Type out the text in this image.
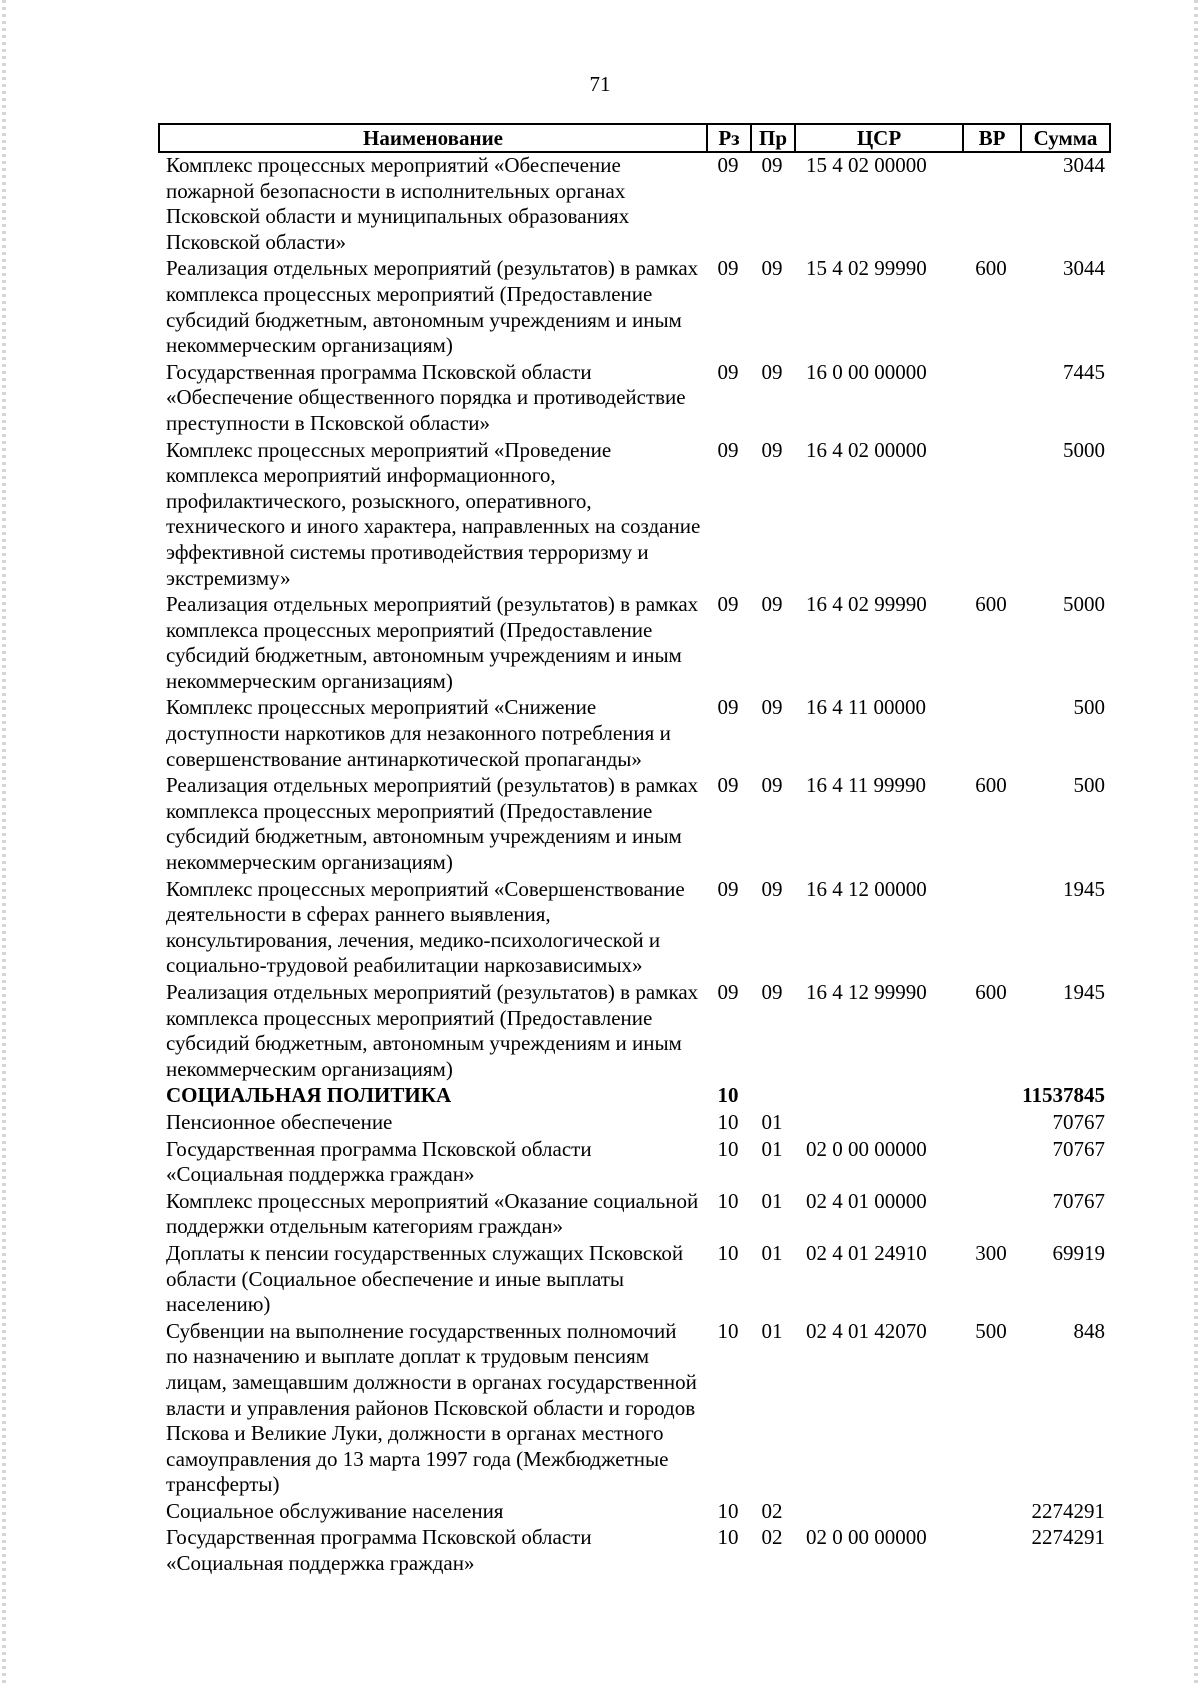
71
Наименование	Рз	Пр	ЦСР	ВР	Сумма
Комплекс процессных мероприятий «Обеспечение пожарной безопасности в исполнительных органах Псковской области и муниципальных образованиях Псковской области»	09	09	15 4 02 00000		3044
Реализация отдельных мероприятий (результатов) в рамках комплекса процессных мероприятий (Предоставление субсидий бюджетным, автономным учреждениям и иным некоммерческим организациям)	09	09	15 4 02 99990	600	3044
Государственная программа Псковской области «Обеспечение общественного порядка и противодействие преступности в Псковской области»	09	09	16 0 00 00000		7445
Комплекс процессных мероприятий «Проведение комплекса мероприятий информационного, профилактического, розыскного, оперативного, технического и иного характера, направленных на создание эффективной системы противодействия терроризму и экстремизму»	09	09	16 4 02 00000		5000
Реализация отдельных мероприятий (результатов) в рамках комплекса процессных мероприятий (Предоставление субсидий бюджетным, автономным учреждениям и иным некоммерческим организациям)	09	09	16 4 02 99990	600	5000
Комплекс процессных мероприятий «Снижение доступности наркотиков для незаконного потребления и совершенствование антинаркотической пропаганды»	09	09	16 4 11 00000		500
Реализация отдельных мероприятий (результатов) в рамках комплекса процессных мероприятий (Предоставление субсидий бюджетным, автономным учреждениям и иным некоммерческим организациям)	09	09	16 4 11 99990	600	500
Комплекс процессных мероприятий «Совершенствование деятельности в сферах раннего выявления, консультирования, лечения, медико-психологической и социально-трудовой реабилитации наркозависимых»	09	09	16 4 12 00000		1945
Реализация отдельных мероприятий (результатов) в рамках комплекса процессных мероприятий (Предоставление субсидий бюджетным, автономным учреждениям и иным некоммерческим организациям)	09	09	16 4 12 99990	600	1945
СОЦИАЛЬНАЯ ПОЛИТИКА	10				11537845
Пенсионное обеспечение	10	01			70767
Государственная программа Псковской области «Социальная поддержка граждан»	10	01	02 0 00 00000		70767
Комплекс процессных мероприятий «Оказание социальной поддержки отдельным категориям граждан»	10	01	02 4 01 00000		70767
Доплаты к пенсии государственных служащих Псковской области (Социальное обеспечение и иные выплаты населению)	10	01	02 4 01 24910	300	69919
Субвенции на выполнение государственных полномочий по назначению и выплате доплат к трудовым пенсиям лицам, замещавшим должности в органах государственной власти и управления районов Псковской области и городов Пскова и Великие Луки, должности в органах местного самоуправления до 13 марта 1997 года (Межбюджетные трансферты)	10	01	02 4 01 42070	500	848
Социальное обслуживание населения	10	02			2274291
Государственная программа Псковской области «Социальная поддержка граждан»	10	02	02 0 00 00000		2274291
